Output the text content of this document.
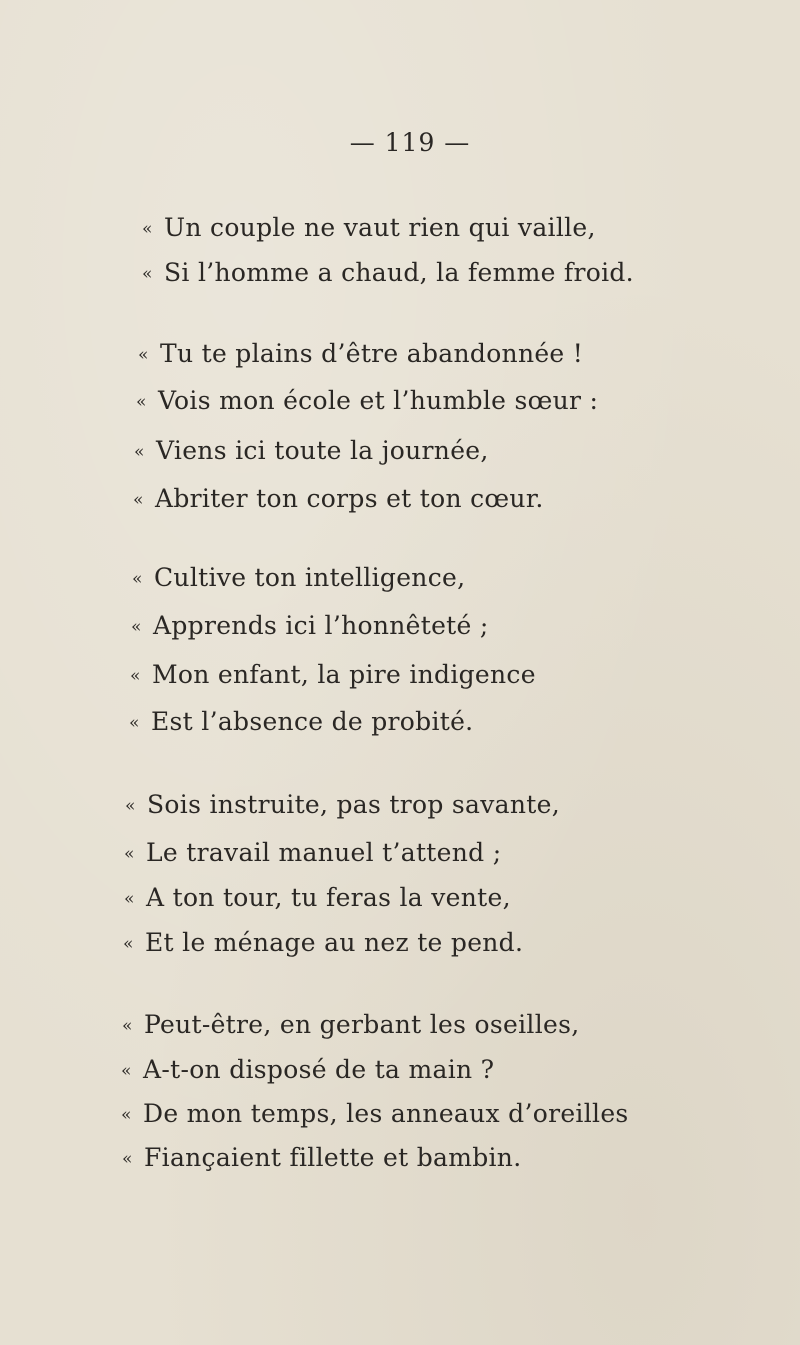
— 119 —
« Un couple ne vaut rien qui vaille,
« Si l’homme a chaud, la femme froid.
« Tu te plains d’être abandonnée !
« Vois mon école et l’humble sœur :
« Viens ici toute la journée,
« Abriter ton corps et ton cœur.
« Cultive ton intelligence,
« Apprends ici l’honnêteté ;
« Mon enfant, la pire indigence
« Est l’absence de probité.
« Sois instruite, pas trop savante,
« Le travail manuel t’attend ;
« A ton tour, tu feras la vente,
« Et le ménage au nez te pend.
« Peut-être, en gerbant les oseilles,
« A-t-on disposé de ta main ?
« De mon temps, les anneaux d’oreilles
« Fiançaient fillette et bambin.
